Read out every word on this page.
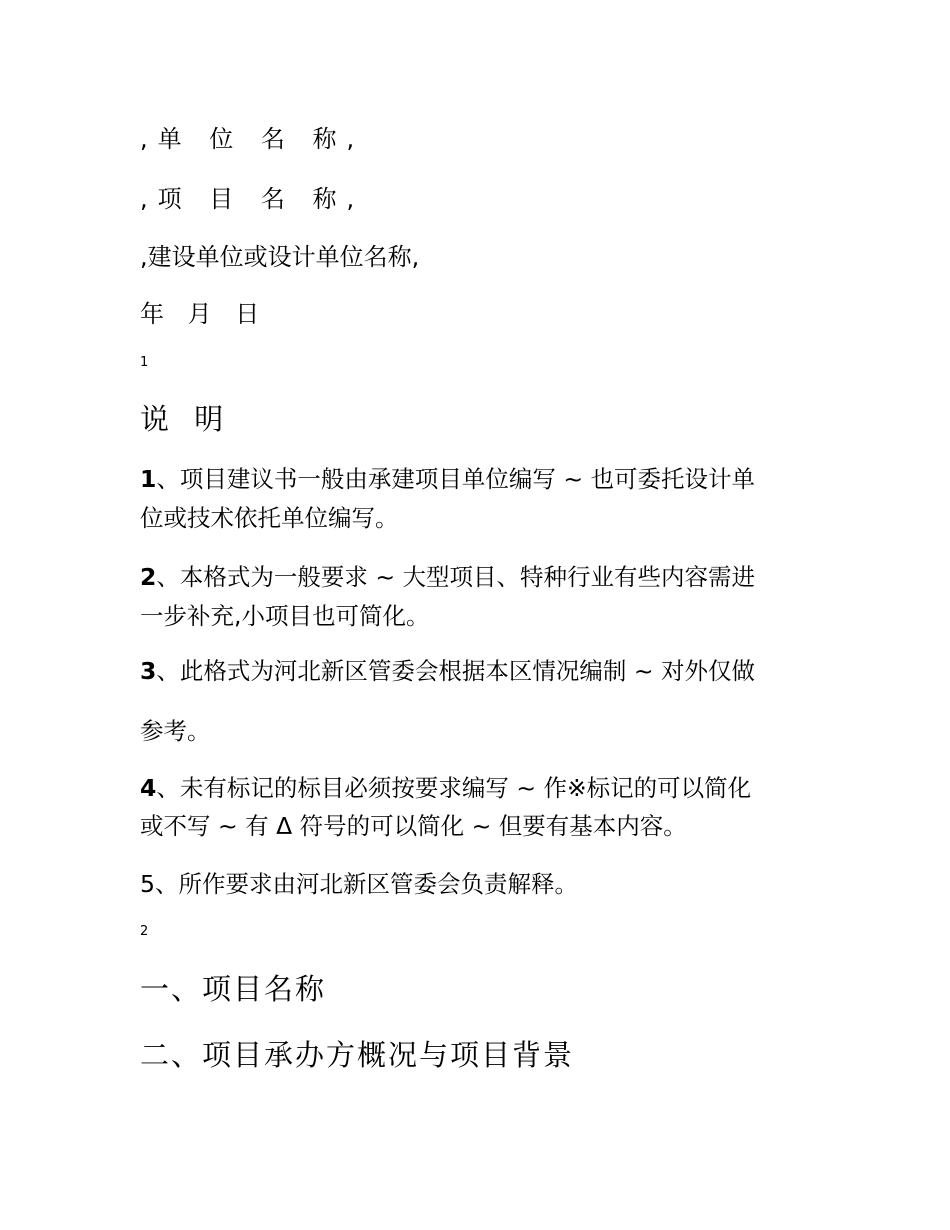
,单 位 名 称,
,项 目 名 称,
,建设单位或设计单位名称,
年 月 日
1
说 明
1、项目建议书一般由承建项目单位编写 ~ 也可委托设计单
位或技术依托单位编写。
2、本格式为一般要求 ~ 大型项目、特种行业有些内容需进
一步补充,小项目也可简化。
3、此格式为河北新区管委会根据本区情况编制 ~ 对外仅做
参考。
4、未有标记的标目必须按要求编写 ~ 作※标记的可以简化
或不写 ~ 有 Δ 符号的可以简化 ~ 但要有基本内容。
5、所作要求由河北新区管委会负责解释。
2
一、项目名称
二、项目承办方概况与项目背景
